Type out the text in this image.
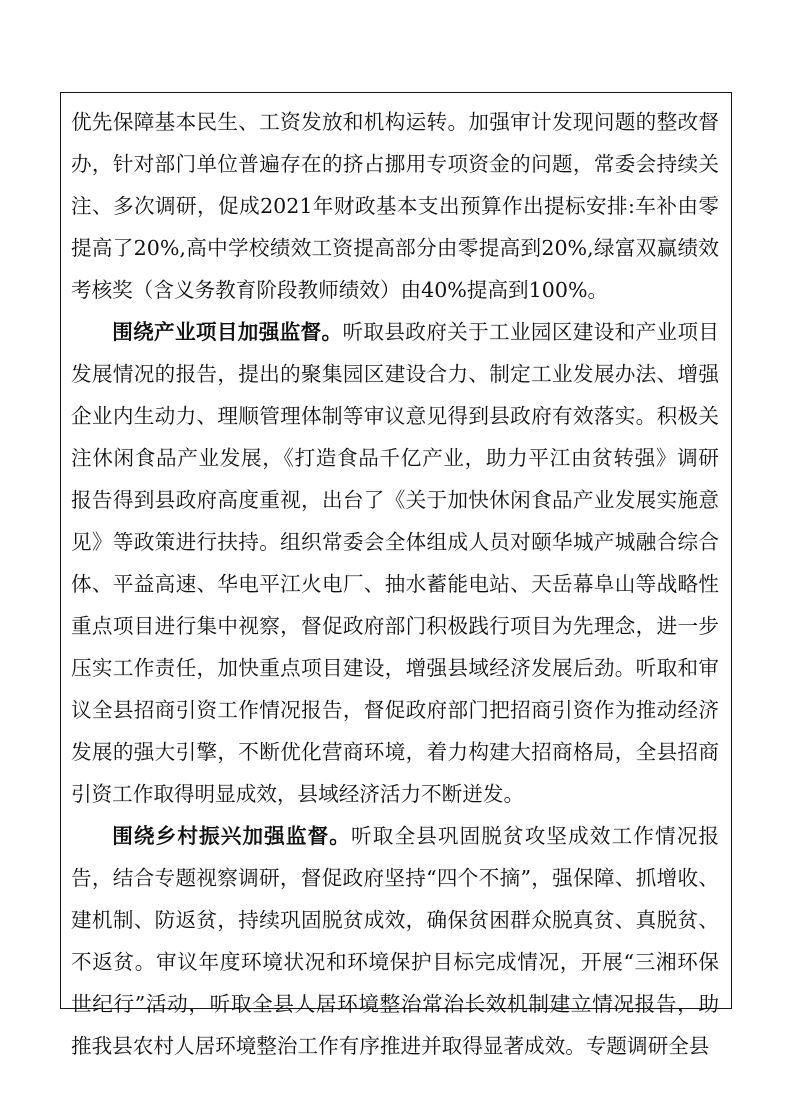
优先保障基本民生、工资发放和机构运转。加强审计发现问题的整改督办，针对部门单位普遍存在的挤占挪用专项资金的问题，常委会持续关注、多次调研，促成2021年财政基本支出预算作出提标安排:车补由零提高了20%,高中学校绩效工资提高部分由零提高到20%,绿富双赢绩效考核奖（含义务教育阶段教师绩效）由40%提高到100%。

围绕产业项目加强监督。听取县政府关于工业园区建设和产业项目发展情况的报告，提出的聚集园区建设合力、制定工业发展办法、增强企业内生动力、理顺管理体制等审议意见得到县政府有效落实。积极关注休闲食品产业发展，《打造食品千亿产业，助力平江由贫转强》调研报告得到县政府高度重视，出台了《关于加快休闲食品产业发展实施意见》等政策进行扶持。组织常委会全体组成人员对颐华城产城融合综合体、平益高速、华电平江火电厂、抽水蓄能电站、天岳幕阜山等战略性重点项目进行集中视察，督促政府部门积极践行项目为先理念，进一步压实工作责任，加快重点项目建设，增强县域经济发展后劲。听取和审议全县招商引资工作情况报告，督促政府部门把招商引资作为推动经济发展的强大引擎，不断优化营商环境，着力构建大招商格局，全县招商引资工作取得明显成效，县域经济活力不断迸发。

围绕乡村振兴加强监督。听取全县巩固脱贫攻坚成效工作情况报告，结合专题视察调研，督促政府坚持“四个不摘”，强保障、抓增收、建机制、防返贫，持续巩固脱贫成效，确保贫困群众脱真贫、真脱贫、不返贫。审议年度环境状况和环境保护目标完成情况，开展“三湘环保世纪行”活动，听取全县人居环境整治常治长效机制建立情况报告，助推我县农村人居环境整治工作有序推进并取得显著成效。专题调研全县
